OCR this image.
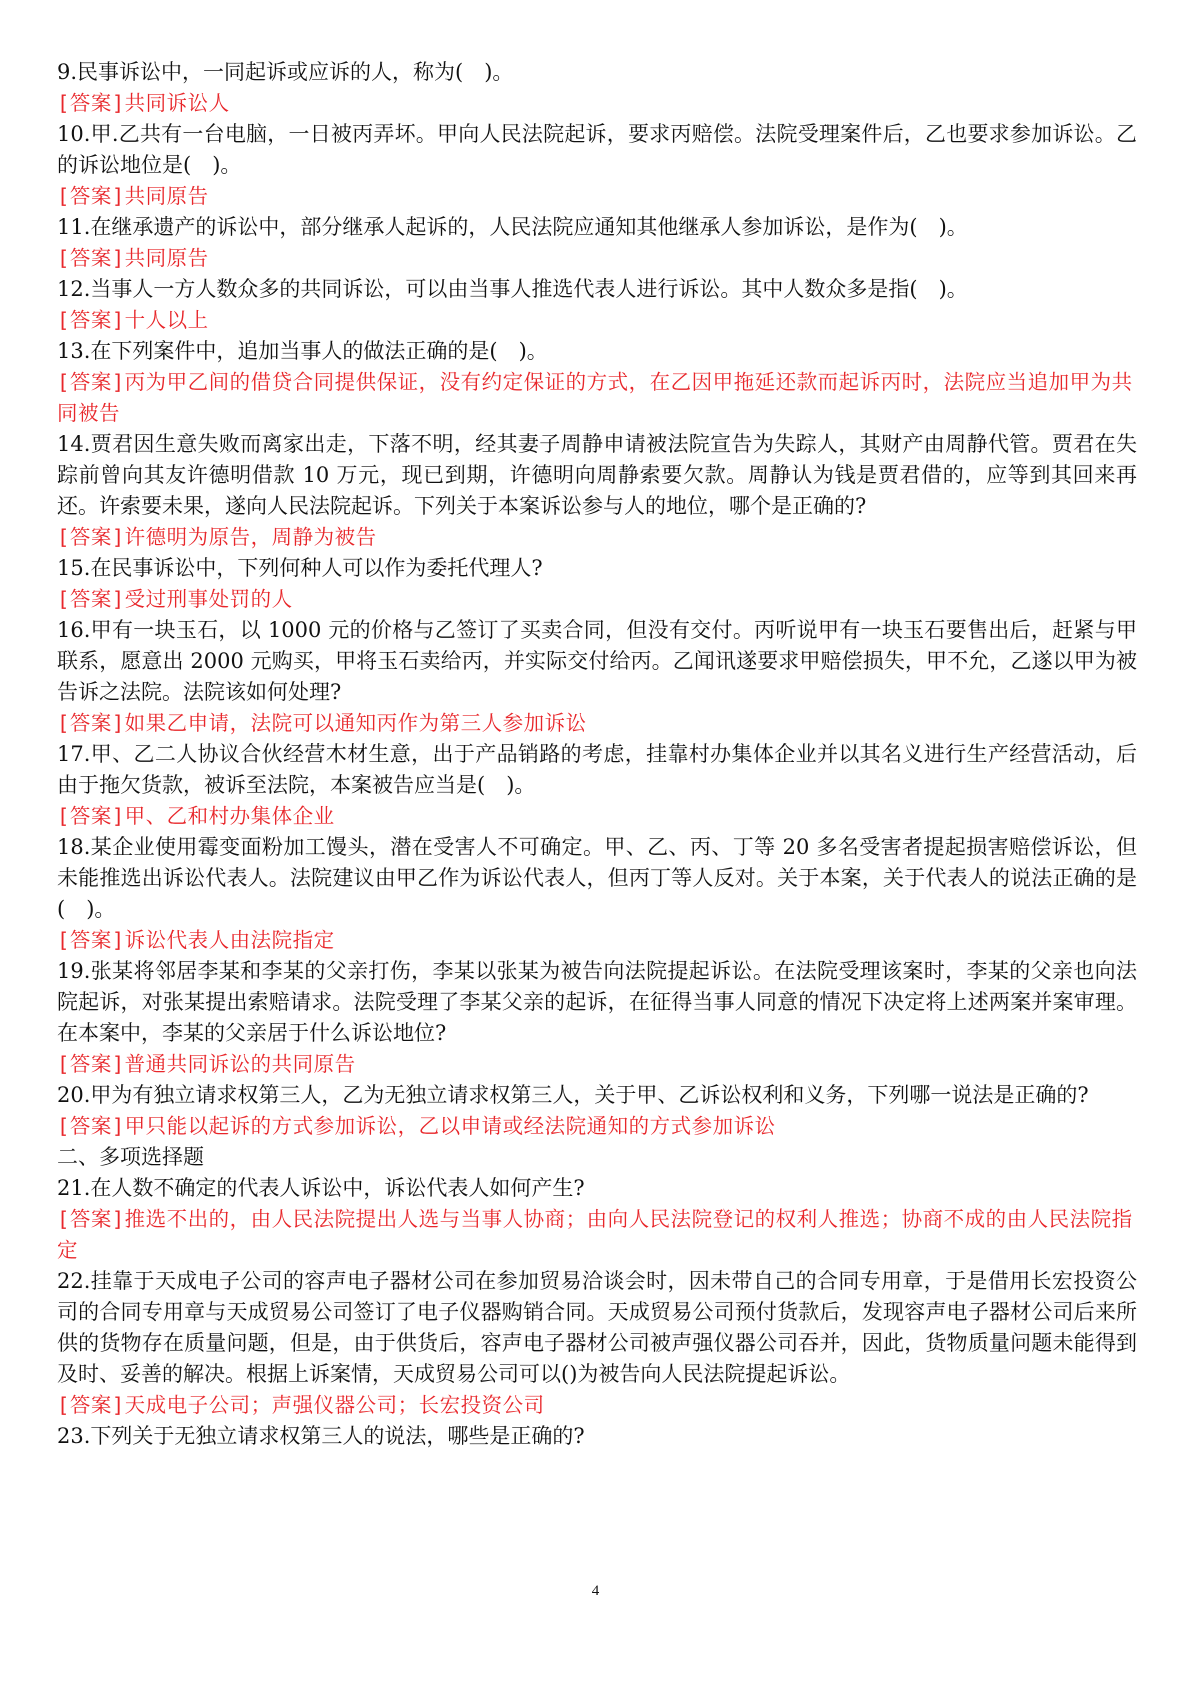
9.民事诉讼中，一同起诉或应诉的人，称为(　)。

[答案]共同诉讼人

10.甲.乙共有一台电脑，一日被丙弄坏。甲向人民法院起诉，要求丙赔偿。法院受理案件后，乙也要求参加诉讼。乙的诉讼地位是(　)。

[答案]共同原告

11.在继承遗产的诉讼中，部分继承人起诉的，人民法院应通知其他继承人参加诉讼，是作为(　)。

[答案]共同原告

12.当事人一方人数众多的共同诉讼，可以由当事人推选代表人进行诉讼。其中人数众多是指(　)。

[答案]十人以上

13.在下列案件中，追加当事人的做法正确的是(　)。

[答案]丙为甲乙间的借贷合同提供保证，没有约定保证的方式，在乙因甲拖延还款而起诉丙时，法院应当追加甲为共同被告

14.贾君因生意失败而离家出走，下落不明，经其妻子周静申请被法院宣告为失踪人，其财产由周静代管。贾君在失踪前曾向其友许德明借款 10 万元，现已到期，许德明向周静索要欠款。周静认为钱是贾君借的，应等到其回来再还。许索要未果，遂向人民法院起诉。下列关于本案诉讼参与人的地位，哪个是正确的?

[答案]许德明为原告，周静为被告

15.在民事诉讼中，下列何种人可以作为委托代理人?

[答案]受过刑事处罚的人

16.甲有一块玉石，以 1000 元的价格与乙签订了买卖合同，但没有交付。丙听说甲有一块玉石要售出后，赶紧与甲联系，愿意出 2000 元购买，甲将玉石卖给丙，并实际交付给丙。乙闻讯遂要求甲赔偿损失，甲不允，乙遂以甲为被告诉之法院。法院该如何处理?

[答案]如果乙申请，法院可以通知丙作为第三人参加诉讼

17.甲、乙二人协议合伙经营木材生意，出于产品销路的考虑，挂靠村办集体企业并以其名义进行生产经营活动，后由于拖欠货款，被诉至法院，本案被告应当是(　)。

[答案]甲、乙和村办集体企业

18.某企业使用霉变面粉加工馒头，潜在受害人不可确定。甲、乙、丙、丁等 20 多名受害者提起损害赔偿诉讼，但未能推选出诉讼代表人。法院建议由甲乙作为诉讼代表人，但丙丁等人反对。关于本案，关于代表人的说法正确的是(　)。

[答案]诉讼代表人由法院指定

19.张某将邻居李某和李某的父亲打伤，李某以张某为被告向法院提起诉讼。在法院受理该案时，李某的父亲也向法院起诉，对张某提出索赔请求。法院受理了李某父亲的起诉，在征得当事人同意的情况下决定将上述两案并案审理。在本案中，李某的父亲居于什么诉讼地位?

[答案]普通共同诉讼的共同原告

20.甲为有独立请求权第三人，乙为无独立请求权第三人，关于甲、乙诉讼权利和义务，下列哪一说法是正确的?

[答案]甲只能以起诉的方式参加诉讼，乙以申请或经法院通知的方式参加诉讼

二、多项选择题

21.在人数不确定的代表人诉讼中，诉讼代表人如何产生?

[答案]推选不出的，由人民法院提出人选与当事人协商；由向人民法院登记的权利人推选；协商不成的由人民法院指定

22.挂靠于天成电子公司的容声电子器材公司在参加贸易洽谈会时，因未带自己的合同专用章，于是借用长宏投资公司的合同专用章与天成贸易公司签订了电子仪器购销合同。天成贸易公司预付货款后，发现容声电子器材公司后来所供的货物存在质量问题，但是，由于供货后，容声电子器材公司被声强仪器公司吞并，因此，货物质量问题未能得到及时、妥善的解决。根据上诉案情，天成贸易公司可以()为被告向人民法院提起诉讼。

[答案]天成电子公司；声强仪器公司；长宏投资公司

23.下列关于无独立请求权第三人的说法，哪些是正确的?

4
